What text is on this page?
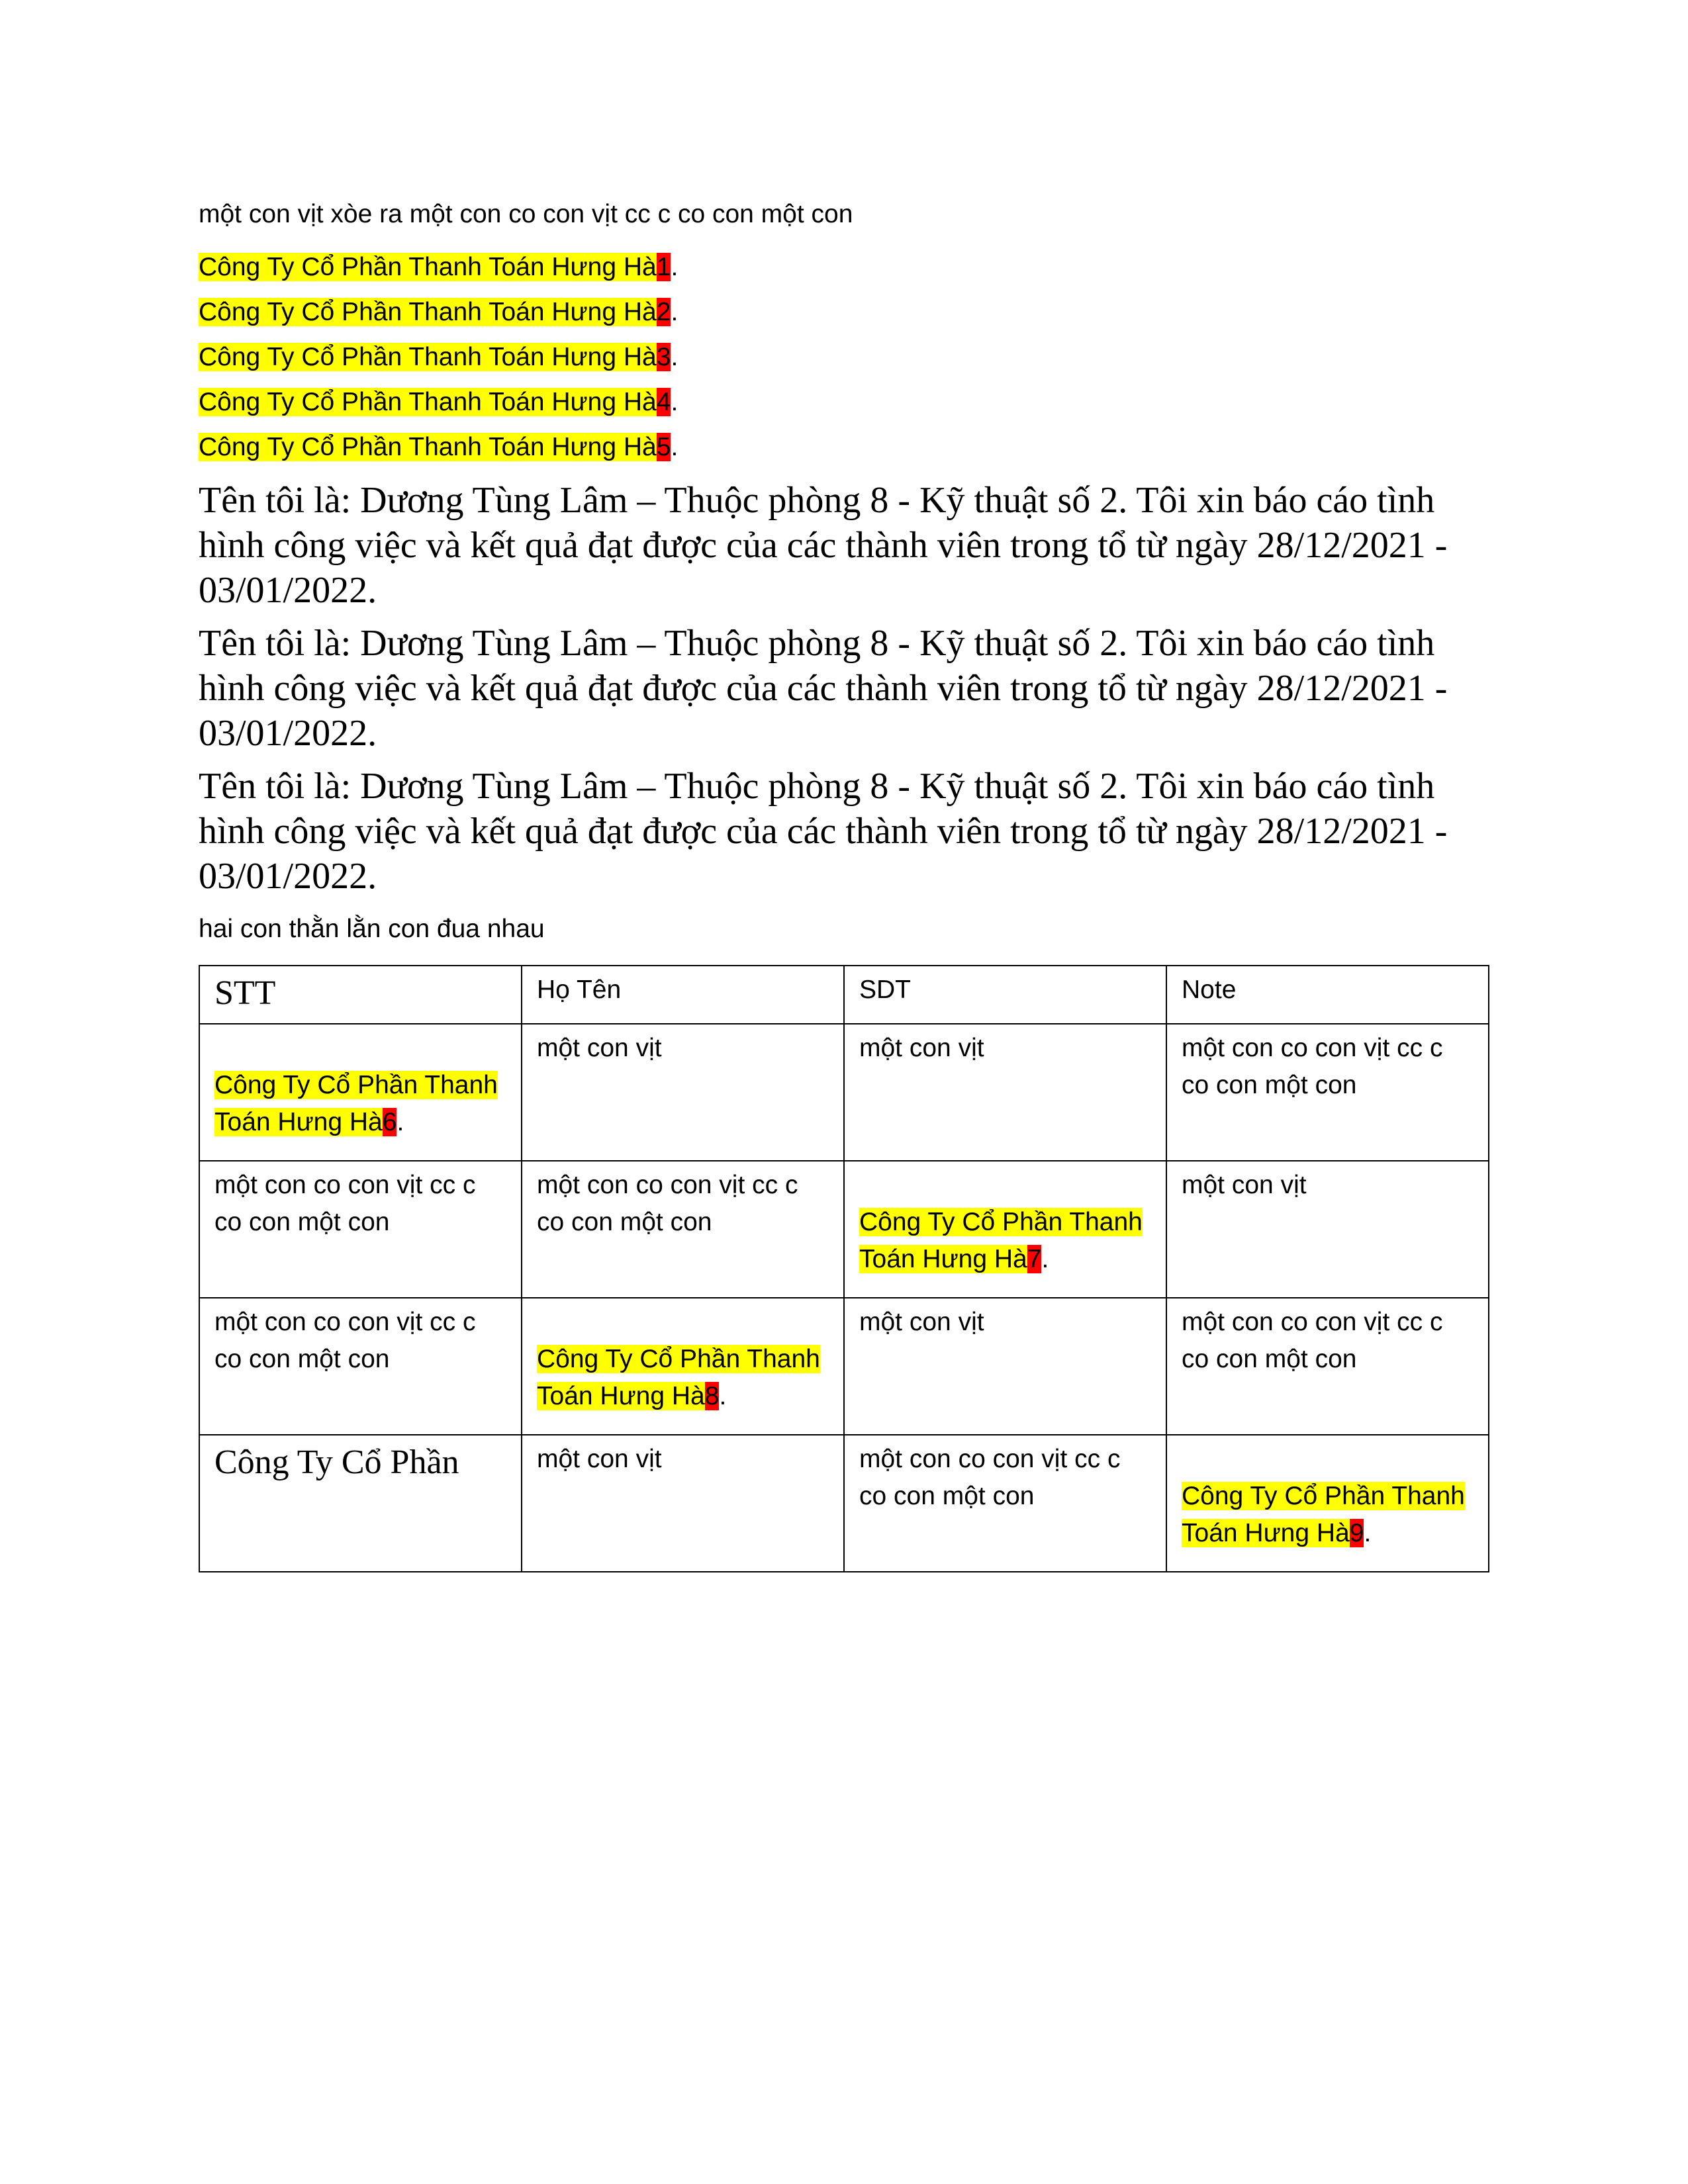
một con vịt xòe ra một con co con vịt cc c co con một con

Công Ty Cổ Phần Thanh Toán Hưng Hà1.

Công Ty Cổ Phần Thanh Toán Hưng Hà2.

Công Ty Cổ Phần Thanh Toán Hưng Hà3.

Công Ty Cổ Phần Thanh Toán Hưng Hà4.

Công Ty Cổ Phần Thanh Toán Hưng Hà5.

Tên tôi là: Dương Tùng Lâm – Thuộc phòng 8 - Kỹ thuật số 2. Tôi xin báo cáo tình hình công việc và kết quả đạt được của các thành viên trong tổ từ ngày 28/12/2021 - 03/01/2022.

Tên tôi là: Dương Tùng Lâm – Thuộc phòng 8 - Kỹ thuật số 2. Tôi xin báo cáo tình hình công việc và kết quả đạt được của các thành viên trong tổ từ ngày 28/12/2021 - 03/01/2022.

Tên tôi là: Dương Tùng Lâm – Thuộc phòng 8 - Kỹ thuật số 2. Tôi xin báo cáo tình hình công việc và kết quả đạt được của các thành viên trong tổ từ ngày 28/12/2021 - 03/01/2022.

hai con thằn lằn con đua nhau

STT	Họ Tên	SDT	Note

Công Ty Cổ Phần Thanh Toán Hưng Hà6.	một con vịt	một con vịt	một con co con vịt cc c co con một con

một con co con vịt cc c co con một con	một con co con vịt cc c co con một con	Công Ty Cổ Phần Thanh Toán Hưng Hà7.	một con vịt

một con co con vịt cc c co con một con	Công Ty Cổ Phần Thanh Toán Hưng Hà8.	một con vịt	một con co con vịt cc c co con một con

Công Ty Cổ Phần	một con vịt	một con co con vịt cc c co con một con	Công Ty Cổ Phần Thanh Toán Hưng Hà9.
